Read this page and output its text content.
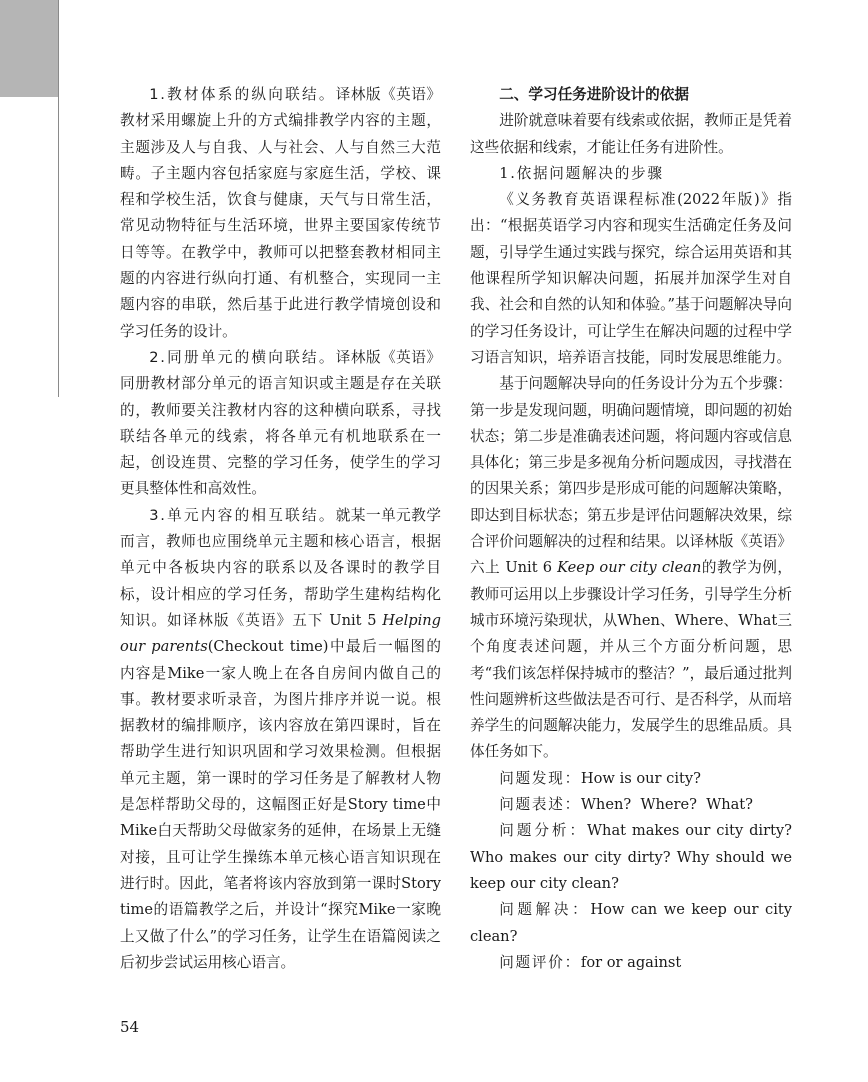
1.教材体系的纵向联结。译林版《英语》教材采用螺旋上升的方式编排教学内容的主题，主题涉及人与自我、人与社会、人与自然三大范畴。子主题内容包括家庭与家庭生活，学校、课程和学校生活，饮食与健康，天气与日常生活，常见动物特征与生活环境，世界主要国家传统节日等等。在教学中，教师可以把整套教材相同主题的内容进行纵向打通、有机整合，实现同一主题内容的串联，然后基于此进行教学情境创设和学习任务的设计。

2.同册单元的横向联结。译林版《英语》同册教材部分单元的语言知识或主题是存在关联的，教师要关注教材内容的这种横向联系，寻找联结各单元的线索，将各单元有机地联系在一起，创设连贯、完整的学习任务，使学生的学习更具整体性和高效性。

3.单元内容的相互联结。就某一单元教学而言，教师也应围绕单元主题和核心语言，根据单元中各板块内容的联系以及各课时的教学目标，设计相应的学习任务，帮助学生建构结构化知识。如译林版《英语》五下 Unit 5 Helping our parents(Checkout time)中最后一幅图的内容是Mike一家人晚上在各自房间内做自己的事。教材要求听录音，为图片排序并说一说。根据教材的编排顺序，该内容放在第四课时，旨在帮助学生进行知识巩固和学习效果检测。但根据单元主题，第一课时的学习任务是了解教材人物是怎样帮助父母的，这幅图正好是Story time中Mike白天帮助父母做家务的延伸，在场景上无缝对接，且可让学生操练本单元核心语言知识现在进行时。因此，笔者将该内容放到第一课时Story time的语篇教学之后，并设计“探究Mike一家晚上又做了什么”的学习任务，让学生在语篇阅读之后初步尝试运用核心语言。

二、学习任务进阶设计的依据

进阶就意味着要有线索或依据，教师正是凭着这些依据和线索，才能让任务有进阶性。

1.依据问题解决的步骤

《义务教育英语课程标准(2022年版)》指出：“根据英语学习内容和现实生活确定任务及问题，引导学生通过实践与探究，综合运用英语和其他课程所学知识解决问题，拓展并加深学生对自我、社会和自然的认知和体验。”基于问题解决导向的学习任务设计，可让学生在解决问题的过程中学习语言知识，培养语言技能，同时发展思维能力。

基于问题解决导向的任务设计分为五个步骤：第一步是发现问题，明确问题情境，即问题的初始状态；第二步是准确表述问题，将问题内容或信息具体化；第三步是多视角分析问题成因，寻找潜在的因果关系；第四步是形成可能的问题解决策略，即达到目标状态；第五步是评估问题解决效果，综合评价问题解决的过程和结果。以译林版《英语》六上 Unit 6 Keep our city clean的教学为例，教师可运用以上步骤设计学习任务，引导学生分析城市环境污染现状，从When、Where、What三个角度表述问题，并从三个方面分析问题，思考“我们该怎样保持城市的整洁？”，最后通过批判性问题辨析这些做法是否可行、是否科学，从而培养学生的问题解决能力，发展学生的思维品质。具体任务如下。

问题发现：How is our city?

问题表述：When?  Where?  What?

问题分析：What makes our city dirty? Who makes our city dirty? Why should we keep our city clean?

问题解决：How can we keep our city clean?

问题评价：for or against

54
